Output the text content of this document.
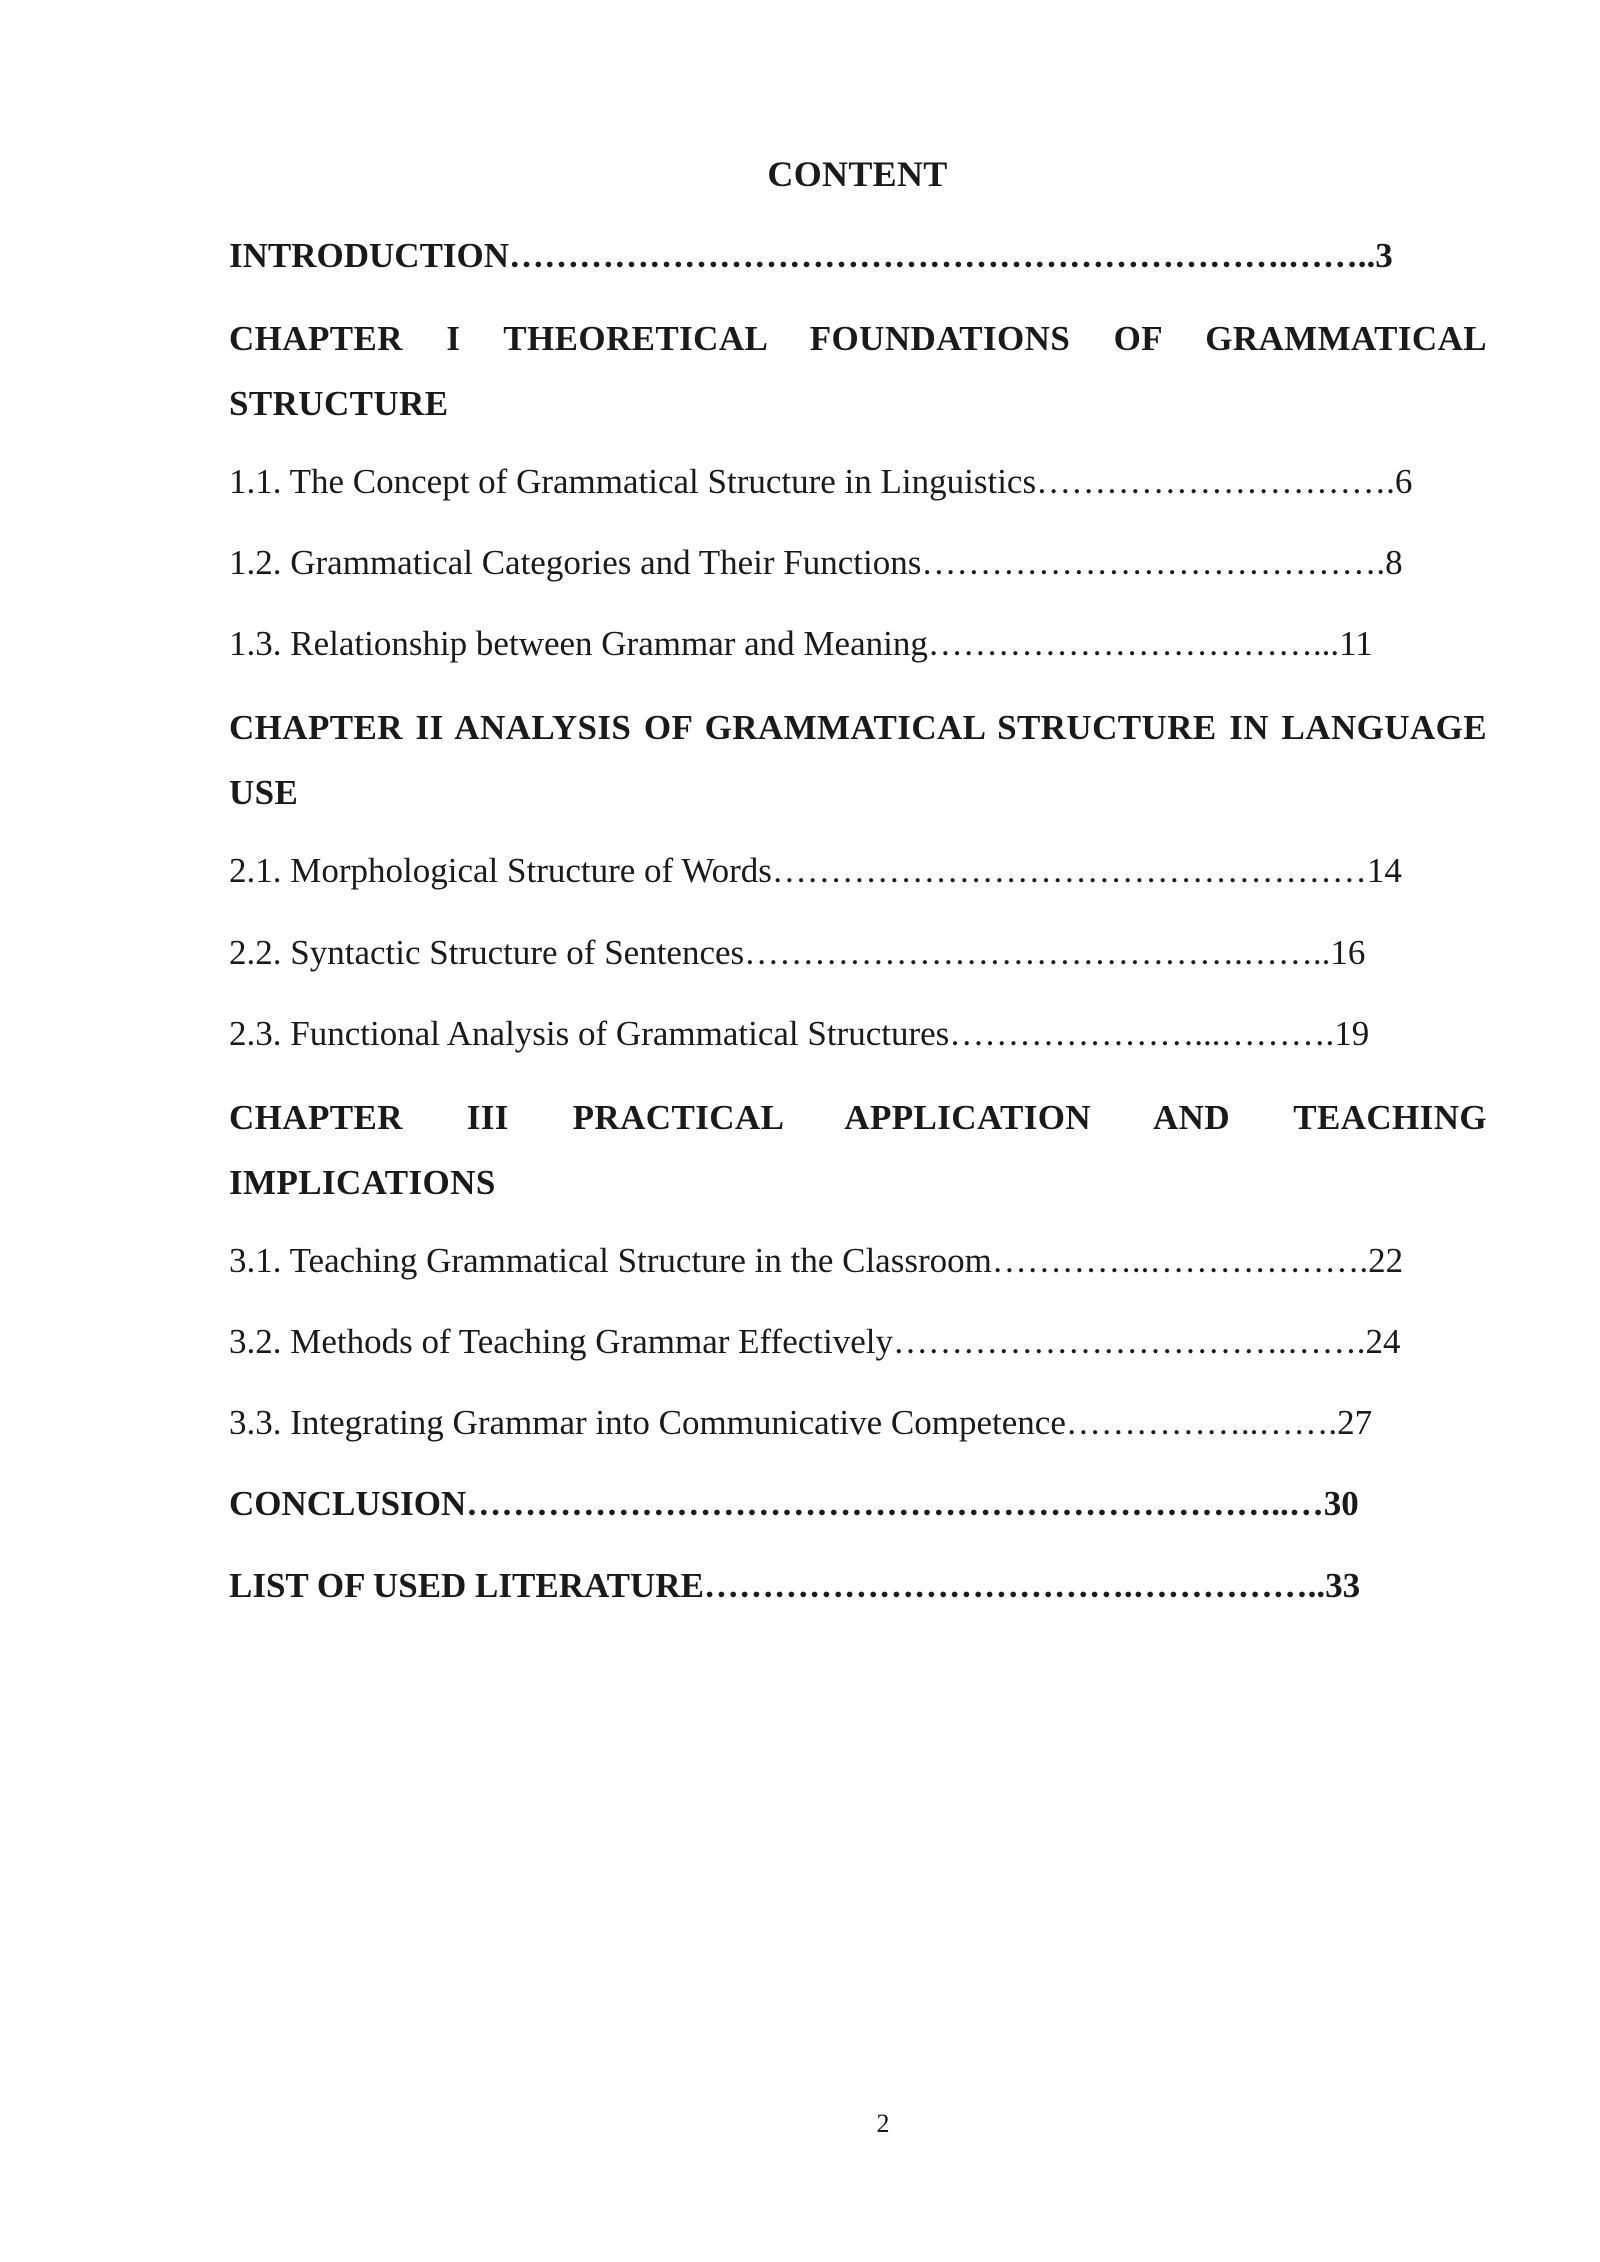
CONTENT
INTRODUCTION………………………………………………………….……..3
CHAPTER I THEORETICAL FOUNDATIONS OF GRAMMATICAL STRUCTURE
1.1. The Concept of Grammatical Structure in Linguistics………………………….6
1.2. Grammatical Categories and Their Functions………………………………….8
1.3. Relationship between Grammar and Meaning……………………………...11
CHAPTER II ANALYSIS OF GRAMMATICAL STRUCTURE IN LANGUAGE USE
2.1. Morphological Structure of Words……………………………………………14
2.2. Syntactic Structure of Sentences…………………………………….……..16
2.3. Functional Analysis of Grammatical Structures…………………...……….19
CHAPTER III PRACTICAL APPLICATION AND TEACHING IMPLICATIONS
3.1. Teaching Grammatical Structure in the Classroom…………..……………….22
3.2. Methods of Teaching Grammar Effectively…………………………….…….24
3.3. Integrating Grammar into Communicative Competence……………..…….27
CONCLUSION……………………………………………………………..…30
LIST OF USED LITERATURE……………………………….……………..33
2
